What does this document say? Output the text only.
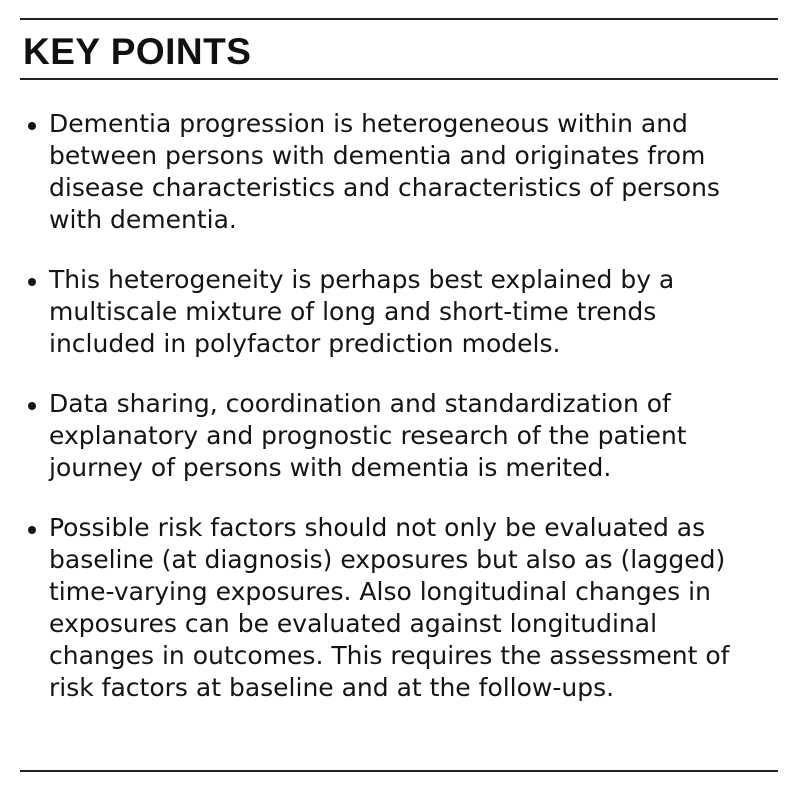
KEY POINTS
Dementia progression is heterogeneous within and between persons with dementia and originates from disease characteristics and characteristics of persons with dementia.
This heterogeneity is perhaps best explained by a multiscale mixture of long and short-time trends included in polyfactor prediction models.
Data sharing, coordination and standardization of explanatory and prognostic research of the patient journey of persons with dementia is merited.
Possible risk factors should not only be evaluated as baseline (at diagnosis) exposures but also as (lagged) time-varying exposures. Also longitudinal changes in exposures can be evaluated against longitudinal changes in outcomes. This requires the assessment of risk factors at baseline and at the follow-ups.
